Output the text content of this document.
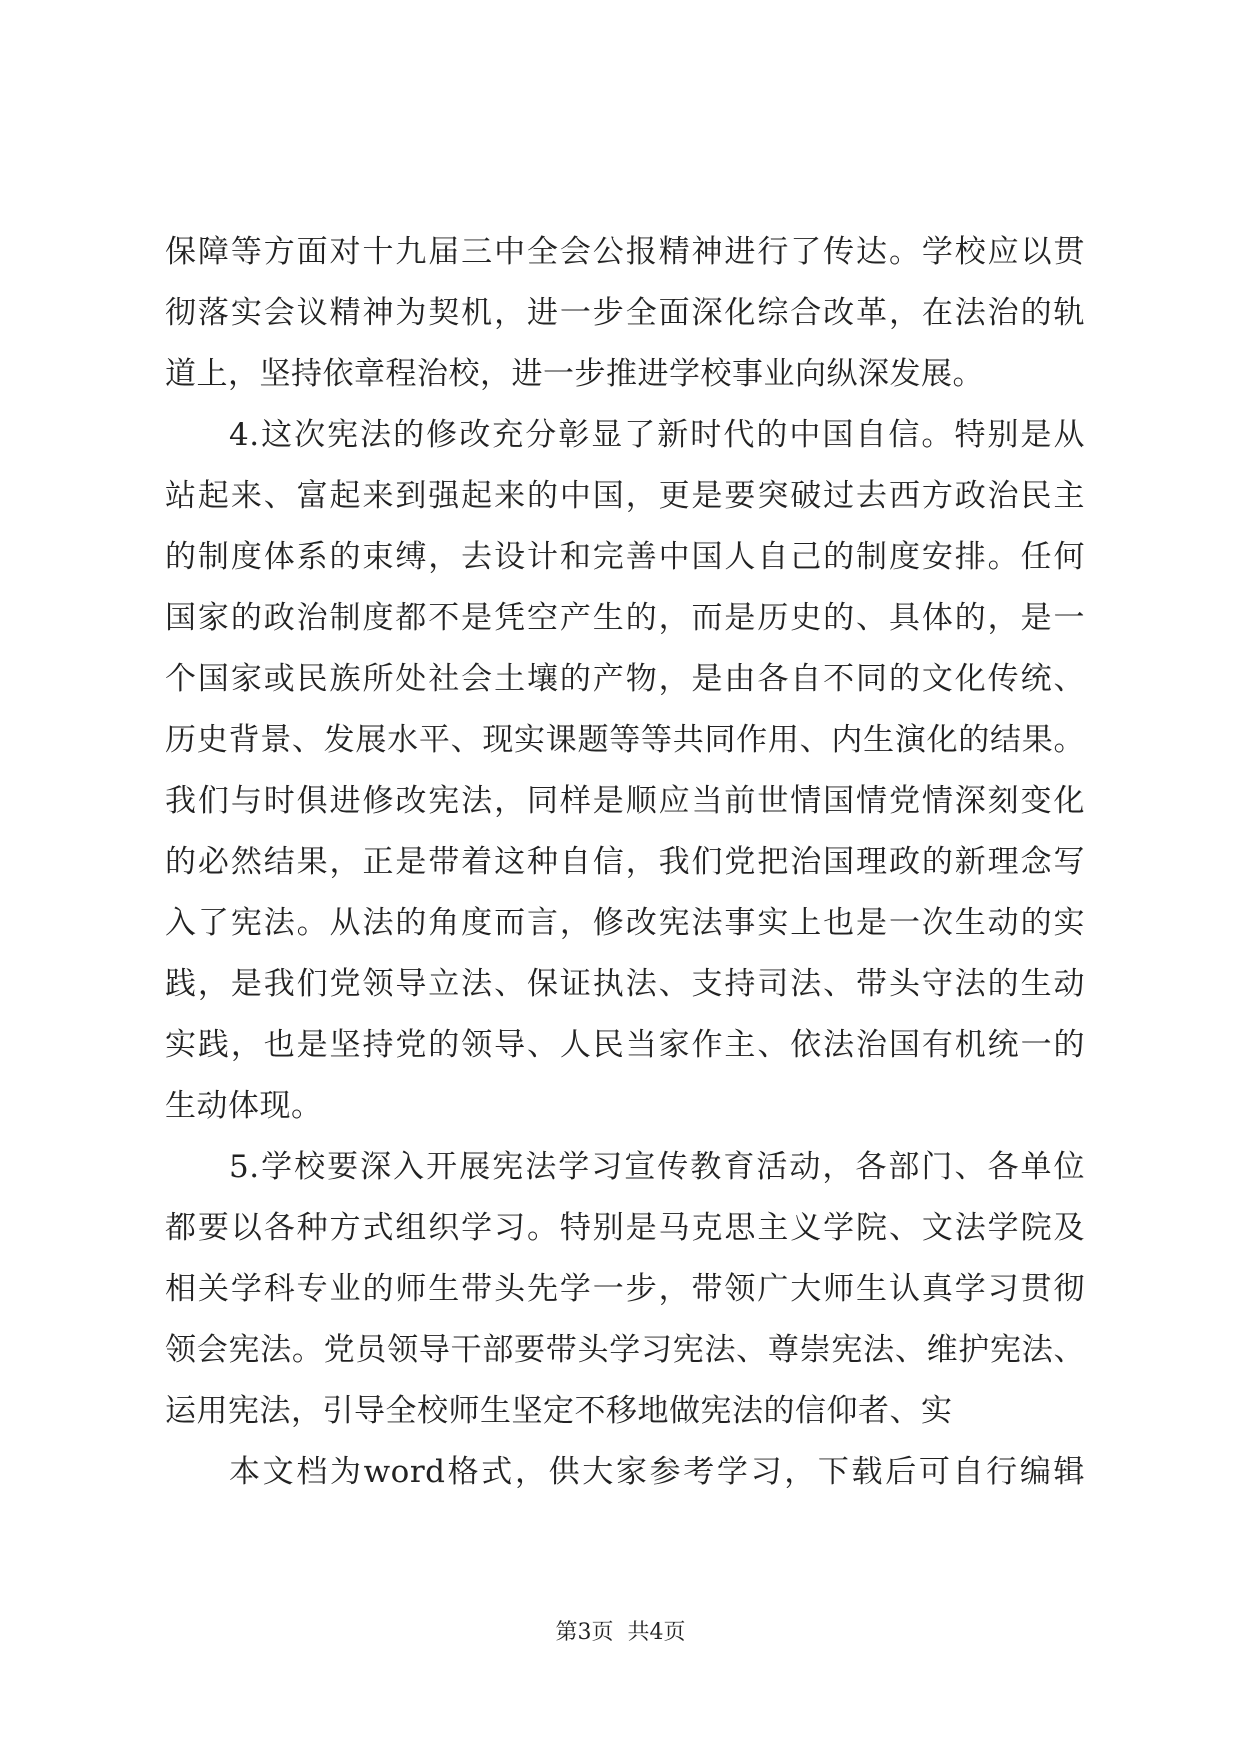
保障等方面对十九届三中全会公报精神进行了传达。学校应以贯
彻落实会议精神为契机，进一步全面深化综合改革，在法治的轨
道上，坚持依章程治校，进一步推进学校事业向纵深发展。
4.这次宪法的修改充分彰显了新时代的中国自信。特别是从
站起来、富起来到强起来的中国，更是要突破过去西方政治民主
的制度体系的束缚，去设计和完善中国人自己的制度安排。任何
国家的政治制度都不是凭空产生的，而是历史的、具体的，是一
个国家或民族所处社会土壤的产物，是由各自不同的文化传统、
历史背景、发展水平、现实课题等等共同作用、内生演化的结果。
我们与时俱进修改宪法，同样是顺应当前世情国情党情深刻变化
的必然结果，正是带着这种自信，我们党把治国理政的新理念写
入了宪法。从法的角度而言，修改宪法事实上也是一次生动的实
践，是我们党领导立法、保证执法、支持司法、带头守法的生动
实践，也是坚持党的领导、人民当家作主、依法治国有机统一的
生动体现。
5.学校要深入开展宪法学习宣传教育活动，各部门、各单位
都要以各种方式组织学习。特别是马克思主义学院、文法学院及
相关学科专业的师生带头先学一步，带领广大师生认真学习贯彻
领会宪法。党员领导干部要带头学习宪法、尊崇宪法、维护宪法、
运用宪法，引导全校师生坚定不移地做宪法的信仰者、实
本文档为word格式，供大家参考学习，下载后可自行编辑
第3页  共4页
